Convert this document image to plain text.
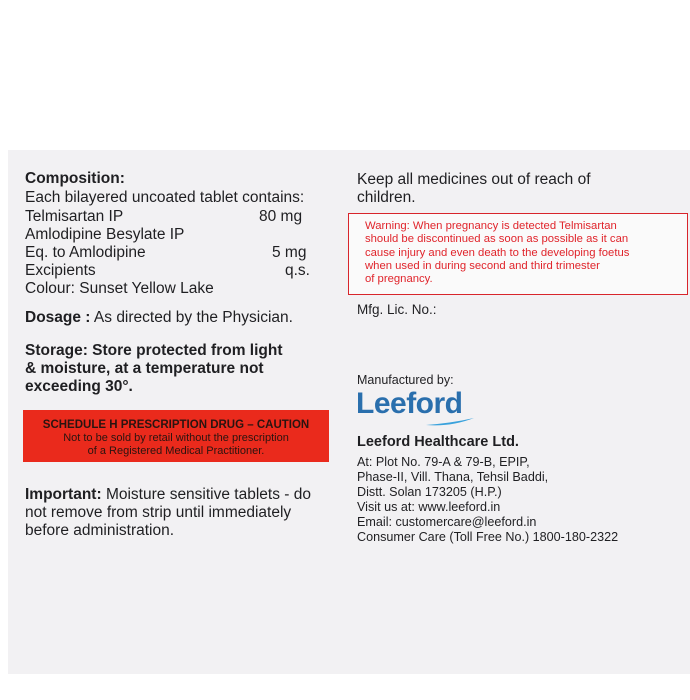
Composition:
Each bilayered uncoated tablet contains:
Telmisartan IP	80 mg
Amlodipine Besylate IP
Eq. to Amlodipine	5 mg
Excipients	q.s.
Colour: Sunset Yellow Lake
Dosage : As directed by the Physician.
Storage: Store protected from light
& moisture, at a temperature not
exceeding 30°.
SCHEDULE H PRESCRIPTION DRUG – CAUTION
Not to be sold by retail without the prescription
of a Registered Medical Practitioner.
Important: Moisture sensitive tablets - do
not remove from strip until immediately
before administration.
Keep all medicines out of reach of
children.
Warning: When pregnancy is detected Telmisartan
should be discontinued as soon as possible as it can
cause injury and even death to the developing foetus
when used in during second and third trimester
of pregnancy.
Mfg. Lic. No.:
Manufactured by:
Leeford
Leeford Healthcare Ltd.
At: Plot No. 79-A & 79-B, EPIP,
Phase-II, Vill. Thana, Tehsil Baddi,
Distt. Solan 173205 (H.P.)
Visit us at: www.leeford.in
Email: customercare@leeford.in
Consumer Care (Toll Free No.) 1800-180-2322
